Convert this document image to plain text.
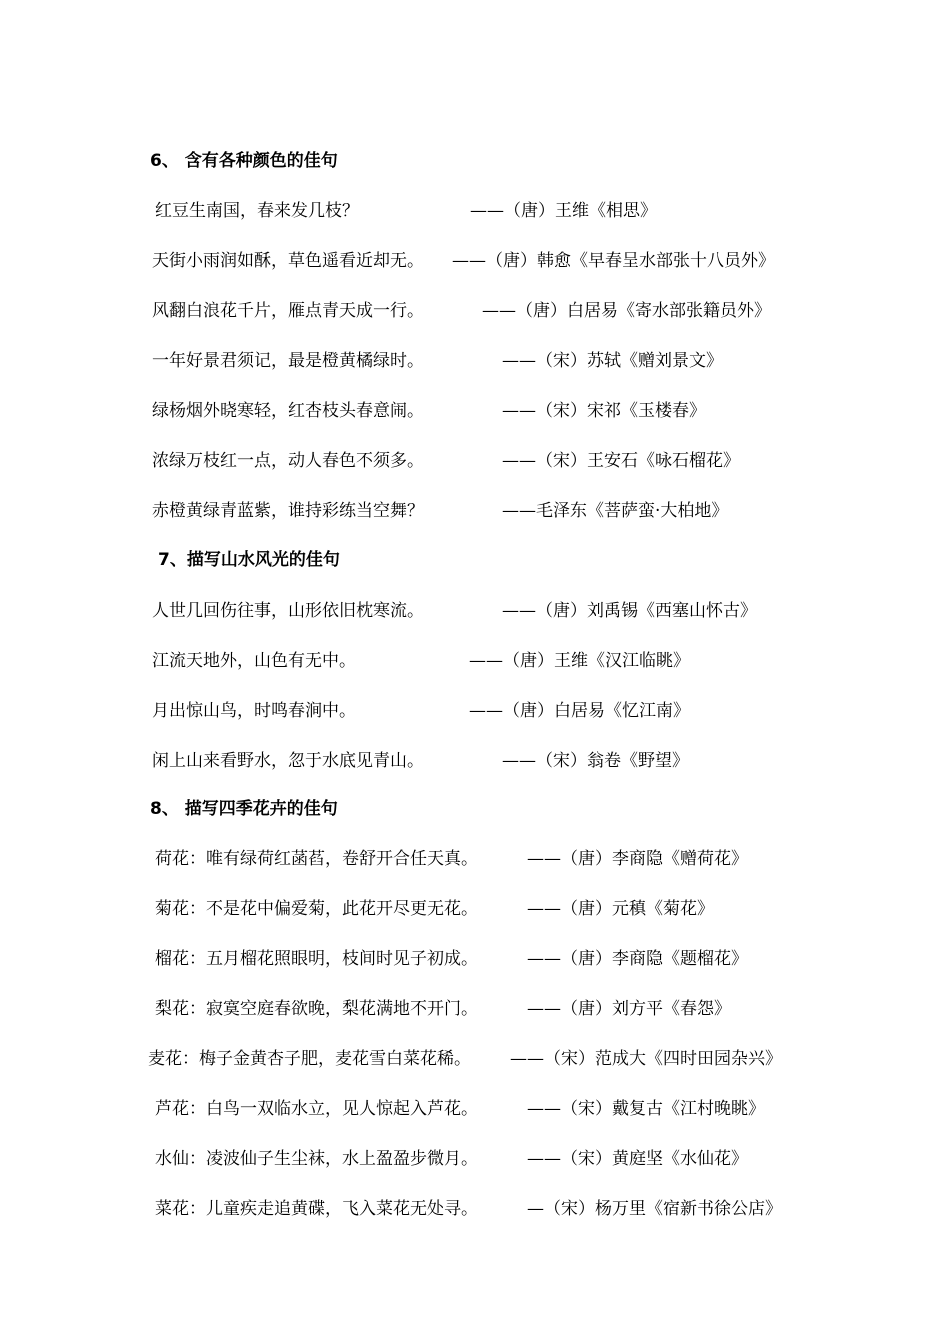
6、 含有各种颜色的佳句
红豆生南国，春来发几枝？	——（唐）王维《相思》
天街小雨润如酥，草色遥看近却无。 ——（唐）韩愈《早春呈水部张十八员外》
风翻白浪花千片，雁点青天成一行。	——（唐）白居易《寄水部张籍员外》
一年好景君须记，最是橙黄橘绿时。	——（宋）苏轼《赠刘景文》
绿杨烟外晓寒轻，红杏枝头春意闹。	——（宋）宋祁《玉楼春》
浓绿万枝红一点，动人春色不须多。	——（宋）王安石《咏石榴花》
赤橙黄绿青蓝紫，谁持彩练当空舞？	——毛泽东《菩萨蛮·大柏地》
7、描写山水风光的佳句
人世几回伤往事，山形依旧枕寒流。	——（唐）刘禹锡《西塞山怀古》
江流天地外，山色有无中。	——（唐）王维《汉江临眺》
月出惊山鸟，时鸣春涧中。	——（唐）白居易《忆江南》
闲上山来看野水，忽于水底见青山。	——（宋）翁卷《野望》
8、 描写四季花卉的佳句
荷花：唯有绿荷红菡萏，卷舒开合任天真。	——（唐）李商隐《赠荷花》
菊花：不是花中偏爱菊，此花开尽更无花。	——（唐）元稹《菊花》
榴花：五月榴花照眼明，枝间时见子初成。	——（唐）李商隐《题榴花》
梨花：寂寞空庭春欲晚，梨花满地不开门。	——（唐）刘方平《春怨》
麦花：梅子金黄杏子肥，麦花雪白菜花稀。 ——（宋）范成大《四时田园杂兴》
芦花：白鸟一双临水立，见人惊起入芦花。	——（宋）戴复古《江村晚眺》
水仙：凌波仙子生尘袜，水上盈盈步微月。	——（宋）黄庭坚《水仙花》
菜花：儿童疾走追黄碟，飞入菜花无处寻。	—（宋）杨万里《宿新书徐公店》
